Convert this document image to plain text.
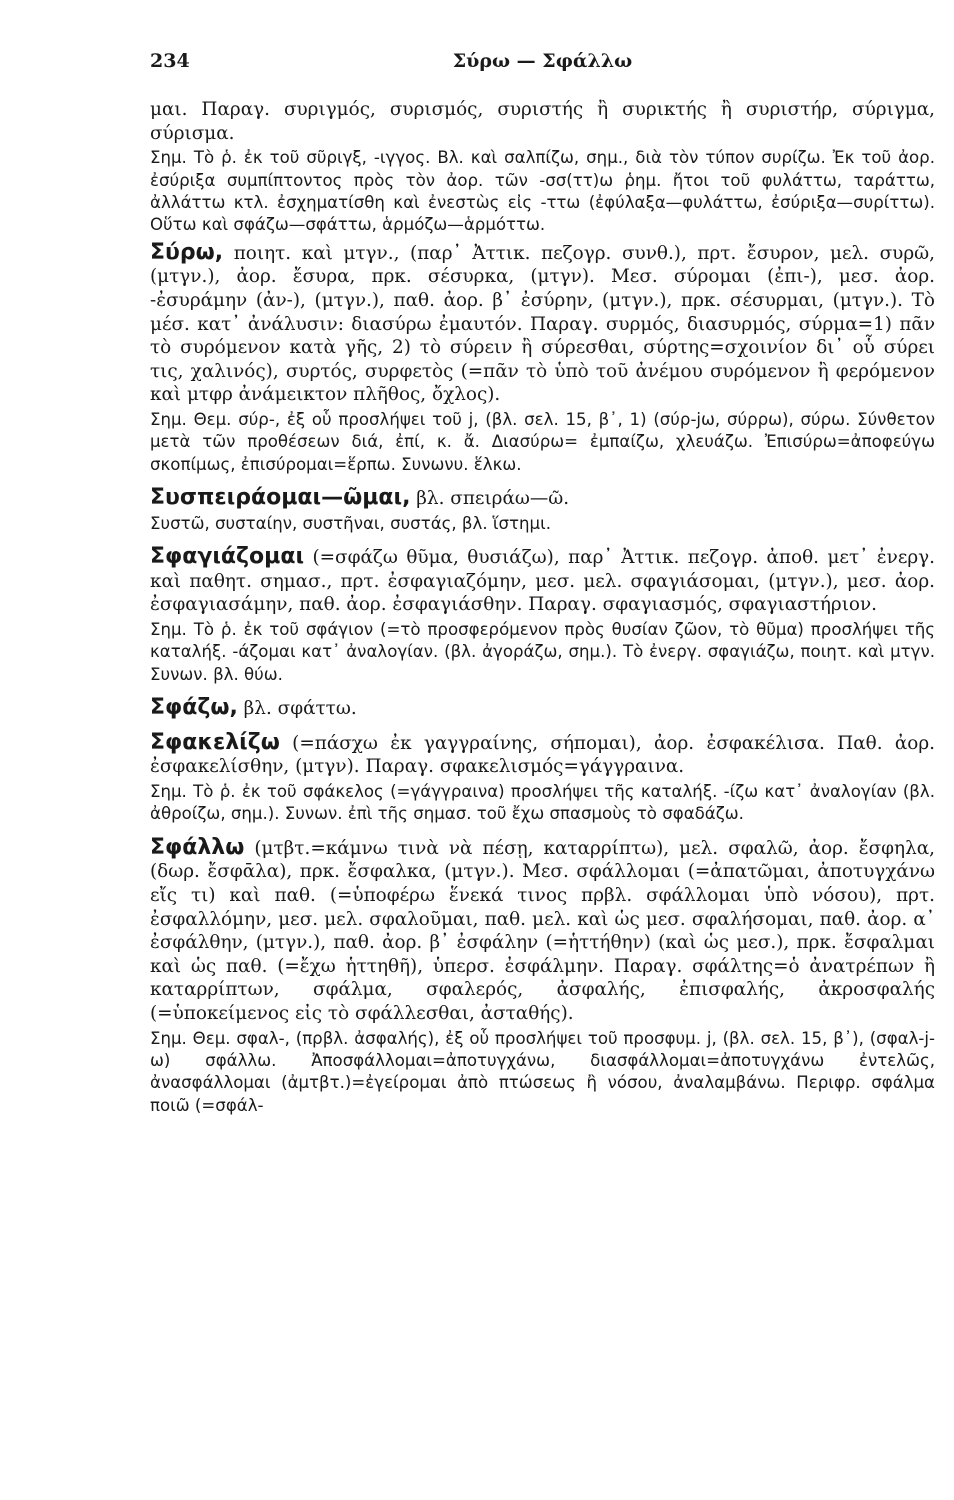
234	Σύρω — Σφάλλω

μαι. Παραγ. συριγμός, συρισμός, συριστής ἢ συρικτής ἢ συριστήρ, σύριγμα, σύρισμα.

Σημ. Τὸ ῥ. ἐκ τοῦ σῦριγξ, -ιγγος. Βλ. καὶ σαλπίζω, σημ., διὰ τὸν τύπον συρίζω. Ἐκ τοῦ ἀορ. ἐσύριξα συμπίπτοντος πρὸς τὸν ἀορ. τῶν -σσ(ττ)ω ῥημ. ἤτοι τοῦ φυλάττω, ταράττω, ἀλλάττω κτλ. ἐσχηματίσθη καὶ ἐνεστὼς εἰς -ττω (ἐφύλαξα—φυλάττω, ἐσύριξα—συρίττω). Οὕτω καὶ σφάζω—σφάττω, ἁρμόζω—ἁρμόττω.

Σύρω, ποιητ. καὶ μτγν., (παρ᾽ Ἀττικ. πεζογρ. συνθ.), πρτ. ἔσυρον, μελ. συρῶ, (μτγν.), ἀορ. ἔσυρα, πρκ. σέσυρκα, (μτγν). Μεσ. σύρομαι (ἐπι-), μεσ. ἀορ. -ἐσυράμην (ἀν-), (μτγν.), παθ. ἀορ. β᾽ ἐσύρην, (μτγν.), πρκ. σέσυρμαι, (μτγν.). Τὸ μέσ. κατ᾽ ἀνάλυσιν: διασύρω ἐμαυτόν. Παραγ. συρμός, διασυρμός, σύρμα=1) πᾶν τὸ συρόμενον κατὰ γῆς, 2) τὸ σύρειν ἢ σύρεσθαι, σύρτης=σχοινίον δι᾽ οὗ σύρει τις, χαλινός), συρτός, συρφετὸς (=πᾶν τὸ ὑπὸ τοῦ ἀνέμου συρόμενον ἢ φερόμενον καὶ μτφρ ἀνάμεικτον πλῆθος, ὄχλος).

Σημ. Θεμ. σύρ-, ἐξ οὗ προσλήψει τοῦ j, (βλ. σελ. 15, β᾽, 1) (σύρ-jω, σύρρω), σύρω. Σύνθετον μετὰ τῶν προθέσεων διά, ἐπί, κ. ἄ. Διασύρω= ἐμπαίζω, χλευάζω. Ἐπισύρω=ἀποφεύγω σκοπίμως, ἐπισύρομαι=ἕρπω. Συνωνυ. ἕλκω.

Συσπειράομαι—ῶμαι, βλ. σπειράω—ῶ.

Συστῶ, συσταίην, συστῆναι, συστάς, βλ. ἵστημι.

Σφαγιάζομαι (=σφάζω θῦμα, θυσιάζω), παρ᾽ Ἀττικ. πεζογρ. ἀποθ. μετ᾽ ἐνεργ. καὶ παθητ. σημασ., πρτ. ἐσφαγιαζόμην, μεσ. μελ. σφαγιάσομαι, (μτγν.), μεσ. ἀορ. ἐσφαγιασάμην, παθ. ἀορ. ἐσφαγιάσθην. Παραγ. σφαγιασμός, σφαγιαστήριον.

Σημ. Τὸ ῥ. ἐκ τοῦ σφάγιον (=τὸ προσφερόμενον πρὸς θυσίαν ζῶον, τὸ θῦμα) προσλήψει τῆς καταλήξ. -άζομαι κατ᾽ ἀναλογίαν. (βλ. ἀγοράζω, σημ.). Τὸ ἐνεργ. σφαγιάζω, ποιητ. καὶ μτγν. Συνων. βλ. θύω.

Σφάζω, βλ. σφάττω.

Σφακελίζω (=πάσχω ἐκ γαγγραίνης, σήπομαι), ἀορ. ἐσφακέλισα. Παθ. ἀορ. ἐσφακελίσθην, (μτγν). Παραγ. σφακελισμός=γάγγραινα.

Σημ. Τὸ ῥ. ἐκ τοῦ σφάκελος (=γάγγραινα) προσλήψει τῆς καταλήξ. -ίζω κατ᾽ ἀναλογίαν (βλ. ἀθροίζω, σημ.). Συνων. ἐπὶ τῆς σημασ. τοῦ ἔχω σπασμοὺς τὸ σφαδάζω.

Σφάλλω (μτβτ.=κάμνω τινὰ νὰ πέσῃ, καταρρίπτω), μελ. σφαλῶ, ἀορ. ἔσφηλα, (δωρ. ἔσφᾱλα), πρκ. ἔσφαλκα, (μτγν.). Μεσ. σφάλλομαι (=ἀπατῶμαι, ἀποτυγχάνω εἴς τι) καὶ παθ. (=ὑποφέρω ἕνεκά τινος πρβλ. σφάλλομαι ὑπὸ νόσου), πρτ. ἐσφαλλόμην, μεσ. μελ. σφαλοῦμαι, παθ. μελ. καὶ ὡς μεσ. σφαλήσομαι, παθ. ἀορ. α᾽ ἐσφάλθην, (μτγν.), παθ. ἀορ. β᾽ ἐσφάλην (=ἡττήθην) (καὶ ὡς μεσ.), πρκ. ἔσφαλμαι καὶ ὡς παθ. (=ἔχω ἡττηθῆ), ὑπερσ. ἐσφάλμην. Παραγ. σφάλτης=ὁ ἀνατρέπων ἢ καταρρίπτων, σφάλμα, σφαλερός, ἀσφαλής, ἐπισφαλής, ἀκροσφαλής (=ὑποκείμενος εἰς τὸ σφάλλεσθαι, ἀσταθής).

Σημ. Θεμ. σφαλ-, (πρβλ. ἀσφαλής), ἐξ οὗ προσλήψει τοῦ προσφυμ. j, (βλ. σελ. 15, β᾽), (σφαλ-j-ω) σφάλλω. Ἀποσφάλλομαι=ἀποτυγχάνω, διασφάλλομαι=ἀποτυγχάνω ἐντελῶς, ἀνασφάλλομαι (ἀμτβτ.)=ἐγείρομαι ἀπὸ πτώσεως ἢ νόσου, ἀναλαμβάνω. Περιφρ. σφάλμα ποιῶ (=σφάλ-
